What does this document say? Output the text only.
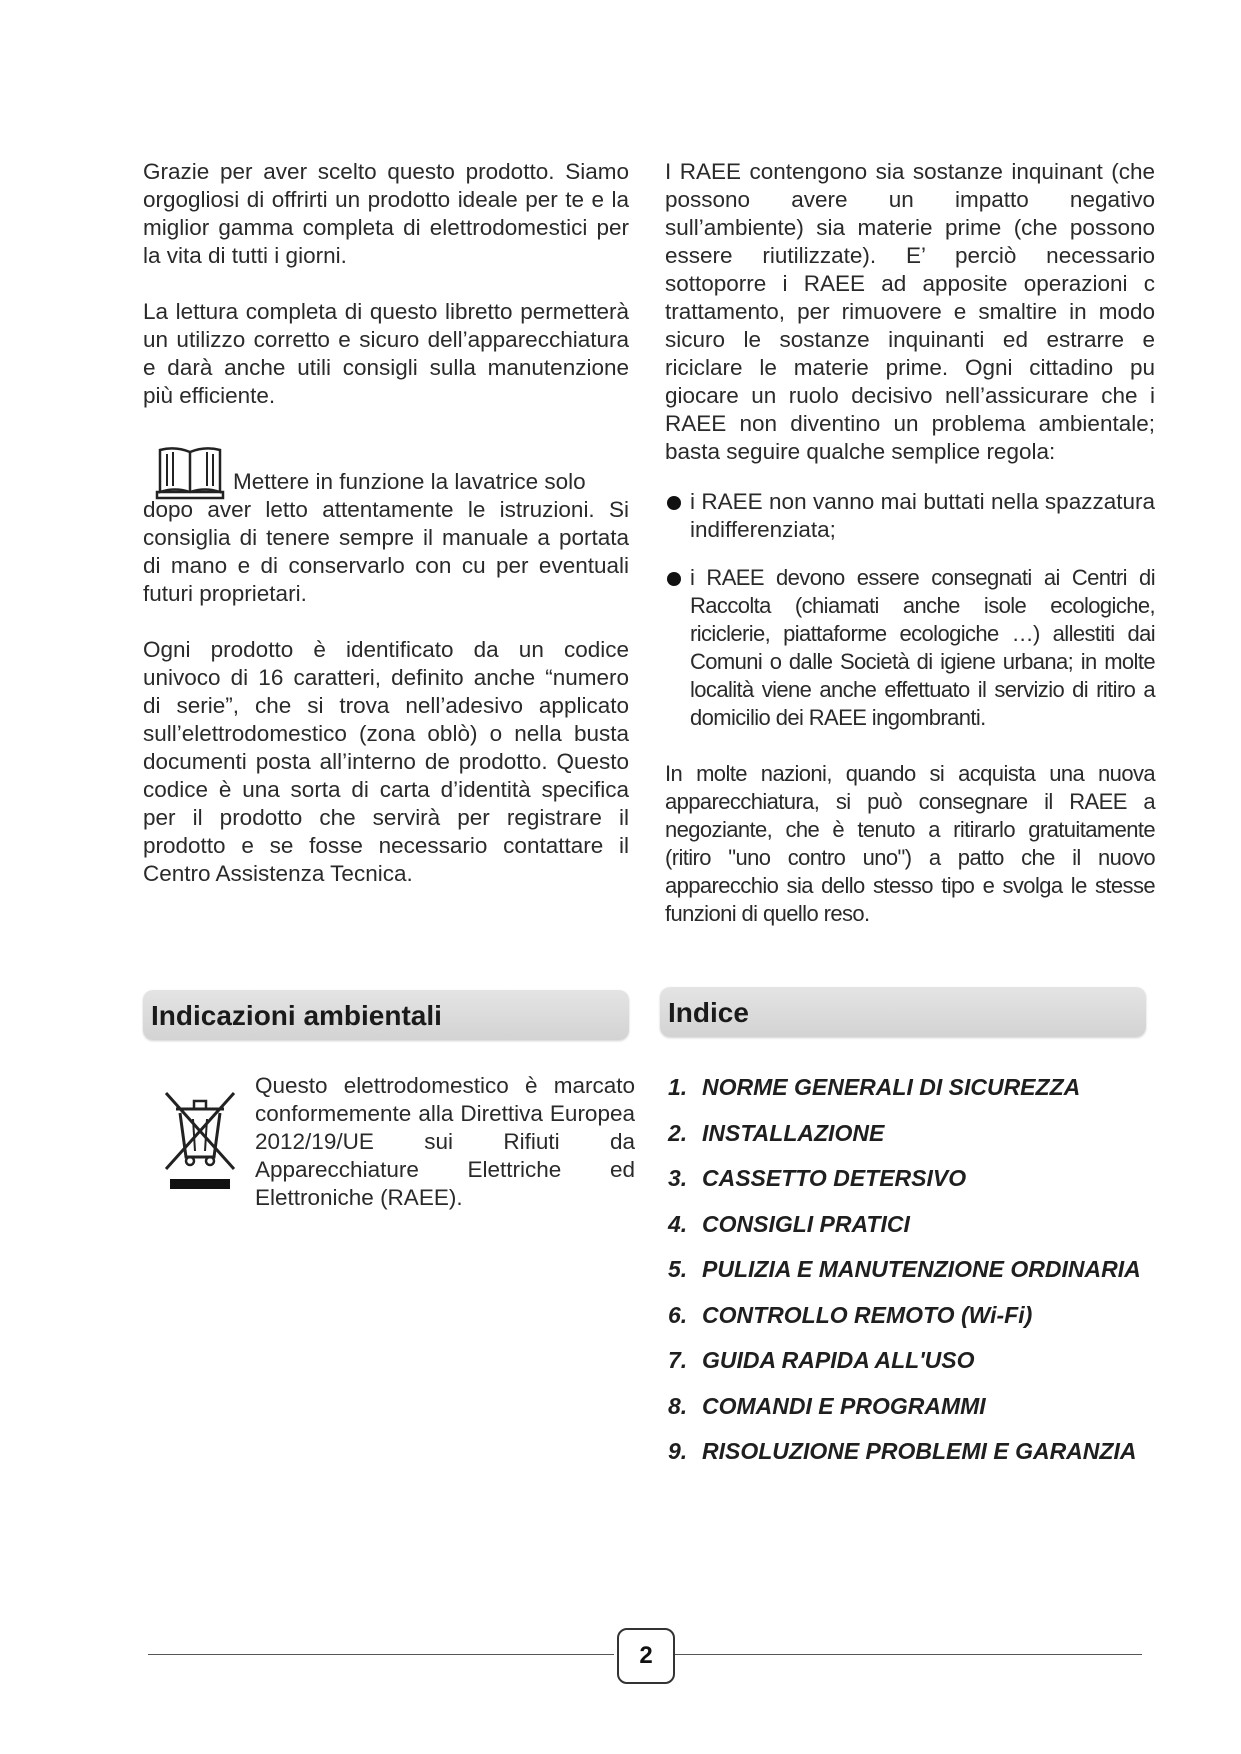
Grazie per aver scelto questo prodotto. Siamo orgogliosi di offrirti un prodotto ideale per te e la miglior gamma completa di elettrodomestici per la vita di tutti i giorni.

La lettura completa di questo libretto permetterà un utilizzo corretto e sicuro dell’apparecchiatura e darà anche utili consigli sulla manutenzione più efficiente.

Mettere in funzione la lavatrice solo

dopo aver letto attentamente le istruzioni. Si consiglia di tenere sempre il manuale a portata di mano e di conservarlo con cu per eventuali futuri proprietari.

Ogni prodotto è identificato da un codice univoco di 16 caratteri, definito anche “numero di serie”, che si trova nell’adesivo applicato sull’elettrodomestico (zona oblò) o nella busta documenti posta all’interno de prodotto. Questo codice è una sorta di carta d’identità specifica per il prodotto che servirà per registrare il prodotto e se fosse necessario contattare il Centro Assistenza Tecnica.

I RAEE contengono sia sostanze inquinant (che possono avere un impatto negativo sull’ambiente) sia materie prime (che possono essere riutilizzate). E’ perciò necessario sottoporre i RAEE ad apposite operazioni c trattamento, per rimuovere e smaltire in modo sicuro le sostanze inquinanti ed estrarre e riciclare le materie prime. Ogni cittadino pu giocare un ruolo decisivo nell’assicurare che i RAEE non diventino un problema ambientale; basta seguire qualche semplice regola:

i RAEE non vanno mai buttati nella spazzatura indifferenziata;

i RAEE devono essere consegnati ai Centri di Raccolta (chiamati anche isole ecologiche, riciclerie, piattaforme ecologiche …) allestiti dai Comuni o dalle Società di igiene urbana; in molte località viene anche effettuato il servizio di ritiro a domicilio dei RAEE ingombranti.

In molte nazioni, quando si acquista una nuova apparecchiatura, si può consegnare il RAEE a negoziante, che è tenuto a ritirarlo gratuitamente (ritiro "uno contro uno") a patto che il nuovo apparecchio sia dello stesso tipo e svolga le stesse funzioni di quello reso.

Indicazioni ambientali	Indice

Questo elettrodomestico è marcato conformemente alla Direttiva Europea 2012/19/UE sui Rifiuti da Apparecchiature Elettriche ed Elettroniche (RAEE).

1. NORME GENERALI DI SICUREZZA
2. INSTALLAZIONE
3. CASSETTO DETERSIVO
4. CONSIGLI PRATICI
5. PULIZIA E MANUTENZIONE ORDINARIA
6. CONTROLLO REMOTO (Wi-Fi)
7. GUIDA RAPIDA ALL'USO
8. COMANDI E PROGRAMMI
9. RISOLUZIONE PROBLEMI E GARANZIA
2
